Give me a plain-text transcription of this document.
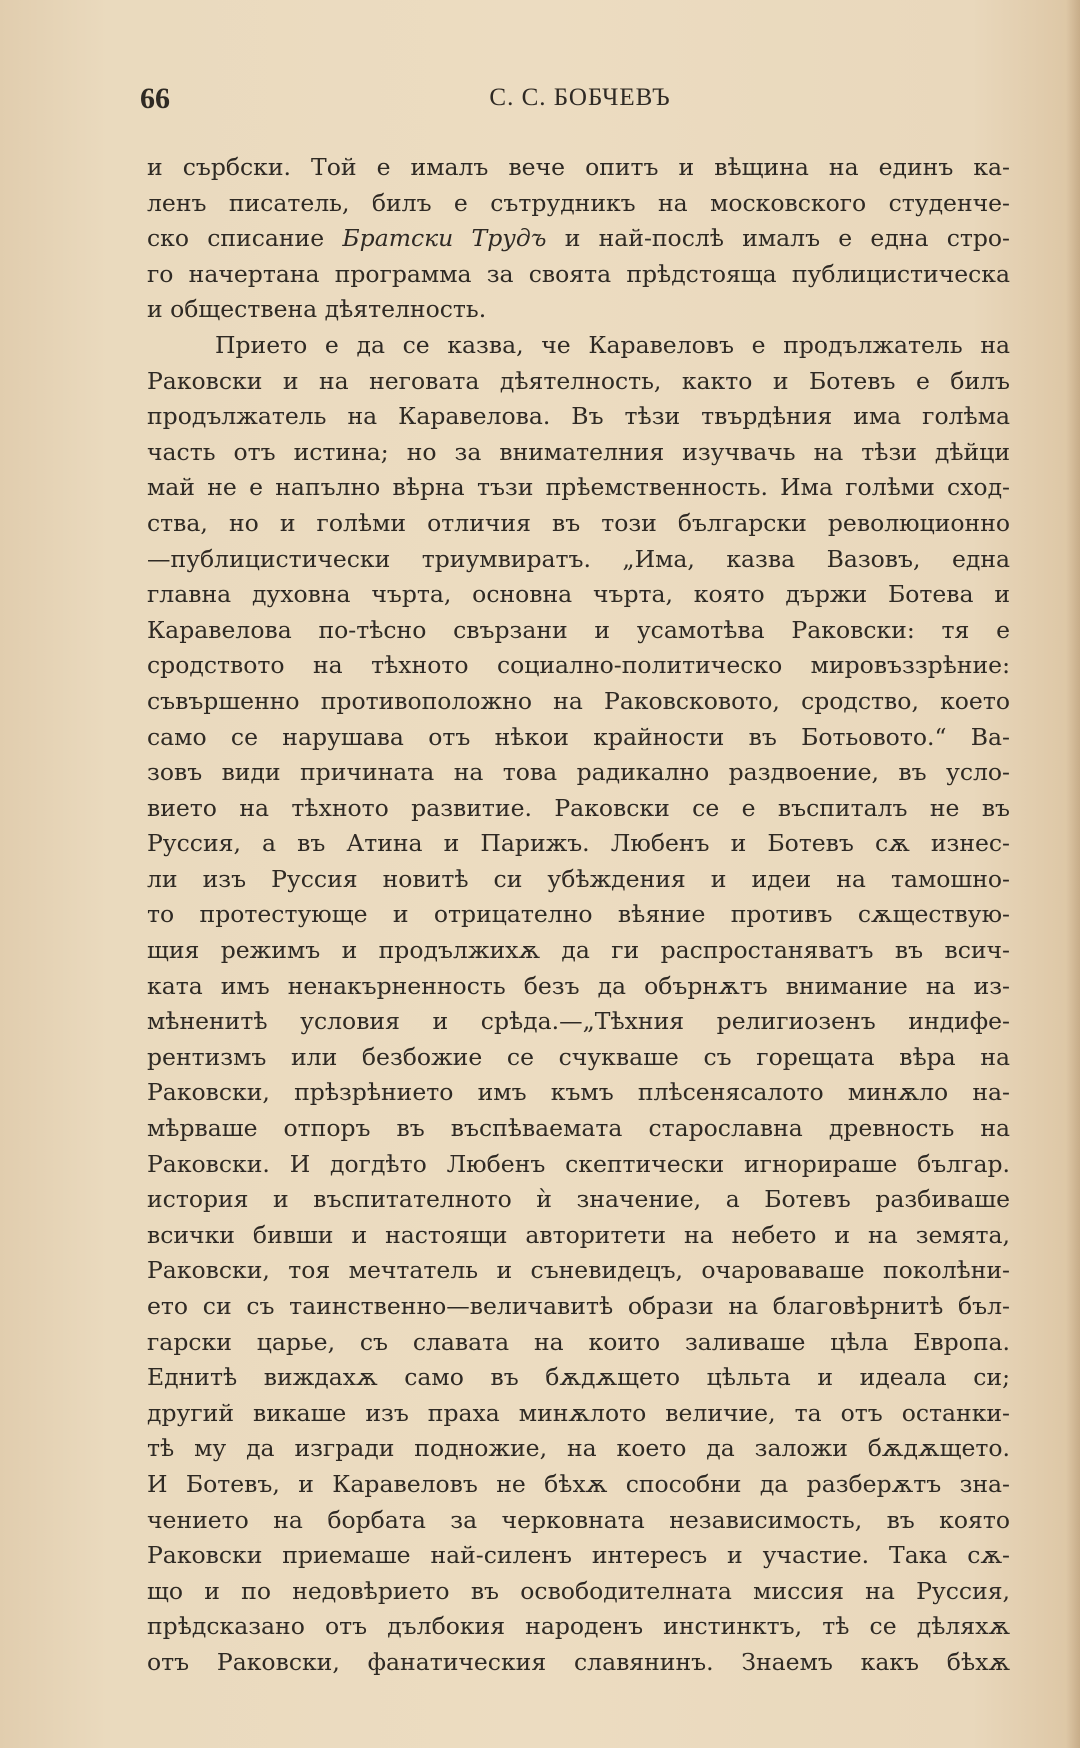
66	С. С. БОБЧЕВЪ
и сърбски. Той е ималъ вече опитъ и вѣщина на единъ ка-
ленъ писатель, билъ е сътрудникъ на московского студенче-
ско списание Братски Трудъ и най-послѣ ималъ е една стро-
го начертана программа за своята прѣдстояща публицистическа
и обществена дѣятелность.
Прието е да се казва, че Каравеловъ е продължатель на
Раковски и на неговата дѣятелность, както и Ботевъ е билъ
продължатель на Каравелова. Въ тѣзи твърдѣния има голѣма
часть отъ истина; но за внимателния изучвачь на тѣзи дѣйци
май не е напълно вѣрна тъзи прѣемственность. Има голѣми сход-
ства, но и голѣми отличия въ този български революционно
—публицистически триумвиратъ. „Има, казва Вазовъ, една
главна духовна чърта, основна чърта, която държи Ботева и
Каравелова по-тѣсно свързани и усамотѣва Раковски: тя е
сродството на тѣхното социално-политическо мировъззрѣние:
съвършенно противоположно на Раковсковото, сродство, което
само се нарушава отъ нѣкои крайности въ Ботьовото.“ Ва-
зовъ види причината на това радикално раздвоение, въ усло-
вието на тѣхното развитие. Раковски се е въспиталъ не въ
Руссия, а въ Атина и Парижъ. Любенъ и Ботевъ сѫ изнес-
ли изъ Руссия новитѣ си убѣждения и идеи на тамошно-
то протестующе и отрицателно вѣяние противъ сѫществую-
щия режимъ и продължихѫ да ги распростаняватъ въ всич-
ката имъ ненакърненность безъ да обърнѫтъ внимание на из-
мѣненитѣ условия и срѣда.—„Тѣхния религиозенъ индифе-
рентизмъ или безбожие се счукваше съ горещата вѣра на
Раковски, прѣзрѣнието имъ къмъ плѣсенясалото минѫло на-
мѣрваше отпоръ въ въспѣваемата старославна древность на
Раковски. И догдѣто Любенъ скептически игнорираше българ.
история и въспитателното ѝ значение, а Ботевъ разбиваше
всички бивши и настоящи авторитети на небето и на земята,
Раковски, тоя мечтатель и съневидецъ, очароваваше поколѣни-
ето си съ таинственно—величавитѣ образи на благовѣрнитѣ бъл-
гарски царье, съ славата на които заливаше цѣла Европа.
Еднитѣ виждахѫ само въ бѫдѫщето цѣльта и идеала си;
другий викаше изъ праха минѫлото величие, та отъ останки-
тѣ му да изгради подножие, на което да заложи бѫдѫщето.
И Ботевъ, и Каравеловъ не бѣхѫ способни да разберѫтъ зна-
чението на борбата за черковната независимость, въ която
Раковски приемаше най-силенъ интересъ и участие. Така сѫ-
що и по недовѣрието въ освободителната миссия на Руссия,
прѣдсказано отъ дълбокия народенъ инстинктъ, тѣ се дѣляхѫ
отъ Раковски, фанатическия славянинъ. Знаемъ какъ бѣхѫ
